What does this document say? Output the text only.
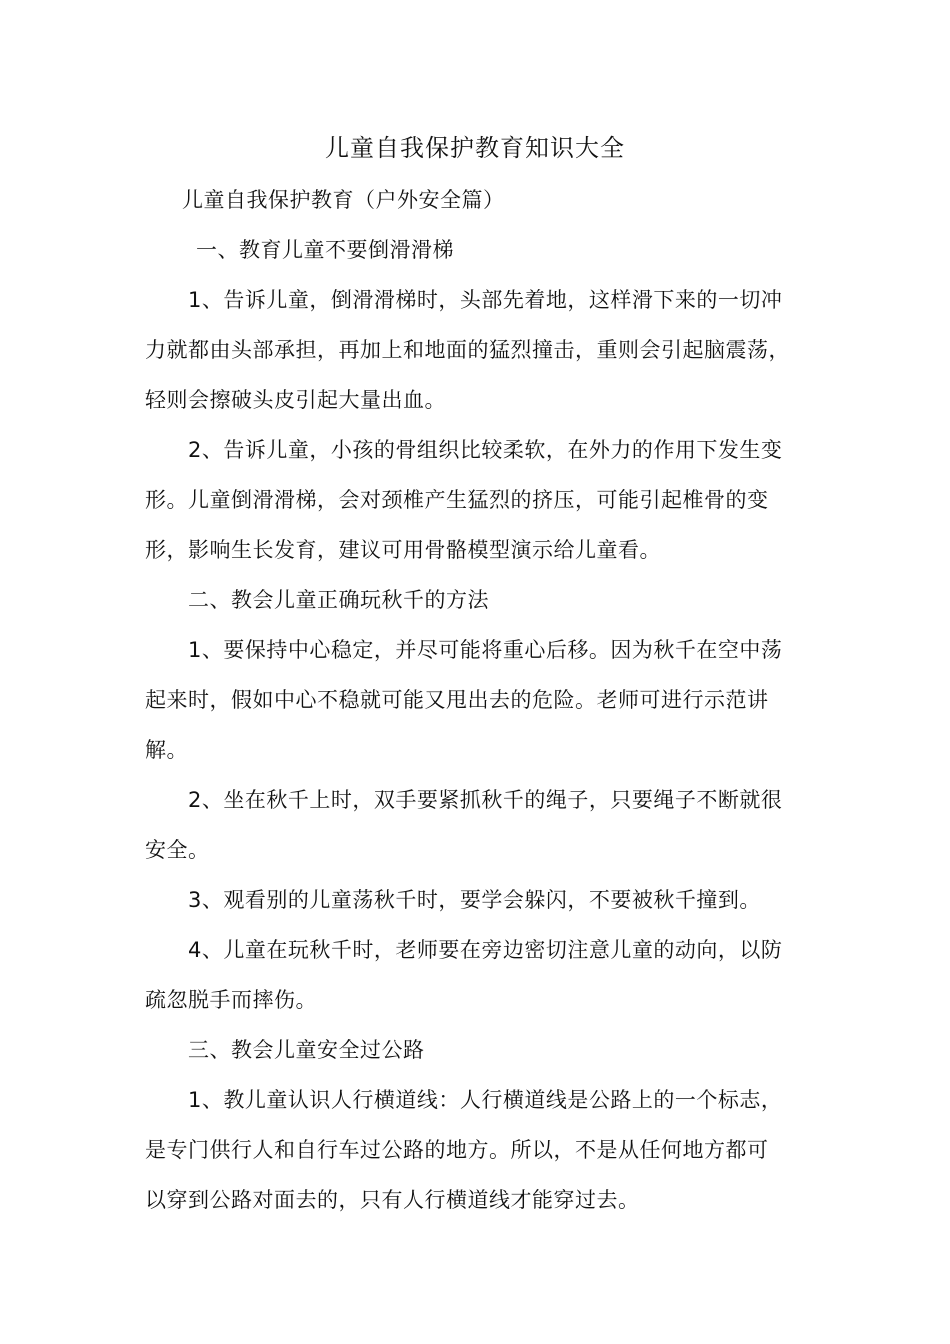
儿童自我保护教育知识大全
儿童自我保护教育（户外安全篇）
一、教育儿童不要倒滑滑梯
1、告诉儿童，倒滑滑梯时，头部先着地，这样滑下来的一切冲
力就都由头部承担，再加上和地面的猛烈撞击，重则会引起脑震荡，
轻则会擦破头皮引起大量出血。
2、告诉儿童，小孩的骨组织比较柔软，在外力的作用下发生变
形。儿童倒滑滑梯，会对颈椎产生猛烈的挤压，可能引起椎骨的变
形，影响生长发育，建议可用骨骼模型演示给儿童看。
二、教会儿童正确玩秋千的方法
1、要保持中心稳定，并尽可能将重心后移。因为秋千在空中荡
起来时，假如中心不稳就可能又甩出去的危险。老师可进行示范讲
解。
2、坐在秋千上时，双手要紧抓秋千的绳子，只要绳子不断就很
安全。
3、观看别的儿童荡秋千时，要学会躲闪，不要被秋千撞到。
4、儿童在玩秋千时，老师要在旁边密切注意儿童的动向，以防
疏忽脱手而摔伤。
三、教会儿童安全过公路
1、教儿童认识人行横道线：人行横道线是公路上的一个标志，
是专门供行人和自行车过公路的地方。所以，不是从任何地方都可
以穿到公路对面去的，只有人行横道线才能穿过去。
